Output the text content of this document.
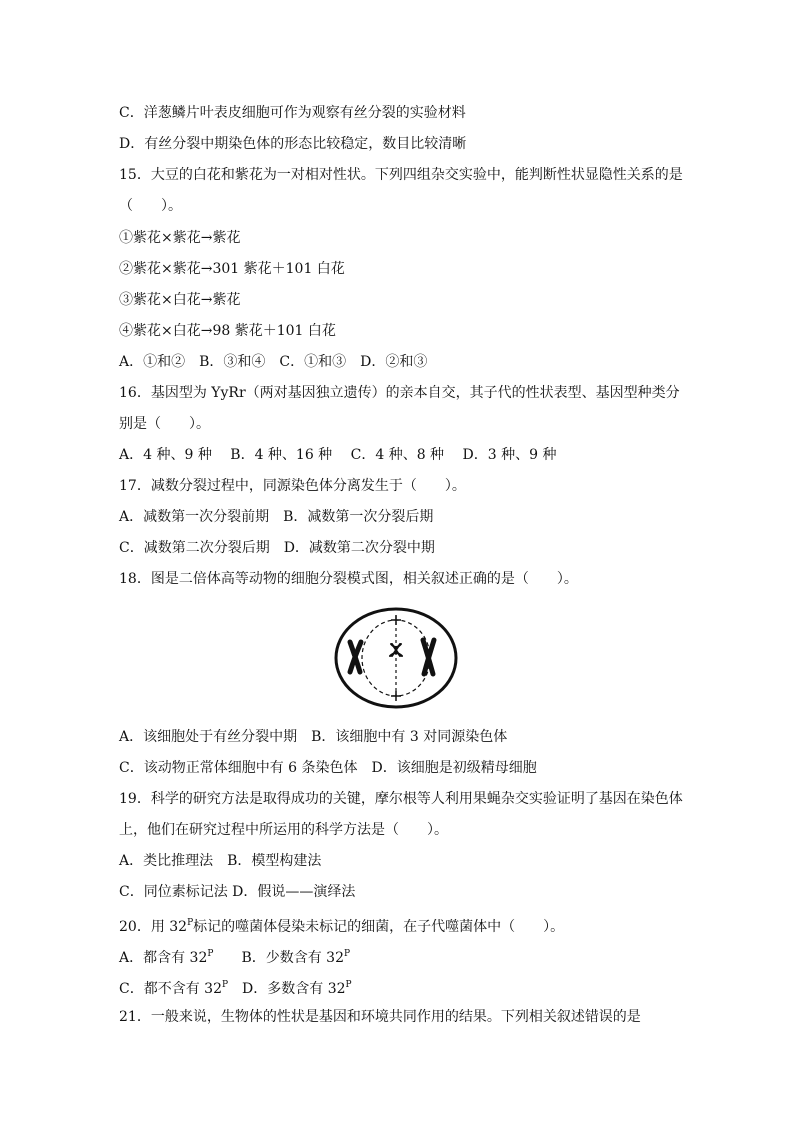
C．洋葱鳞片叶表皮细胞可作为观察有丝分裂的实验材料
D．有丝分裂中期染色体的形态比较稳定，数目比较清晰
15．大豆的白花和紫花为一对相对性状。下列四组杂交实验中，能判断性状显隐性关系的是
（　　）。
①紫花×紫花→紫花
②紫花×紫花→301 紫花＋101 白花
③紫花×白花→紫花
④紫花×白花→98 紫花＋101 白花
A．①和②　B．③和④　C．①和③　D．②和③
16．基因型为 YyRr（两对基因独立遗传）的亲本自交，其子代的性状表型、基因型种类分
别是（　　）。
A．4 种、9 种　 B．4 种、16 种　 C．4 种、8 种　 D．3 种、9 种
17．减数分裂过程中，同源染色体分离发生于（　　）。
A．减数第一次分裂前期　B．减数第一次分裂后期
C．减数第二次分裂后期　D．减数第二次分裂中期
18．图是二倍体高等动物的细胞分裂模式图，相关叙述正确的是（　　）。
A．该细胞处于有丝分裂中期　B．该细胞中有 3 对同源染色体
C．该动物正常体细胞中有 6 条染色体　D．该细胞是初级精母细胞
19．科学的研究方法是取得成功的关键，摩尔根等人利用果蝇杂交实验证明了基因在染色体
上，他们在研究过程中所运用的科学方法是（　　）。
A．类比推理法　B．模型构建法
C．同位素标记法 D．假说——演绎法
20．用 $32^P$标记的噬菌体侵染未标记的细菌，在子代噬菌体中（　　）。
A．都含有 $32^P$　　 B．少数含有 $32^P$
C．都不含有 $32^P$　 D．多数含有 $32^P$
21．一般来说，生物体的性状是基因和环境共同作用的结果。下列相关叙述错误的是
